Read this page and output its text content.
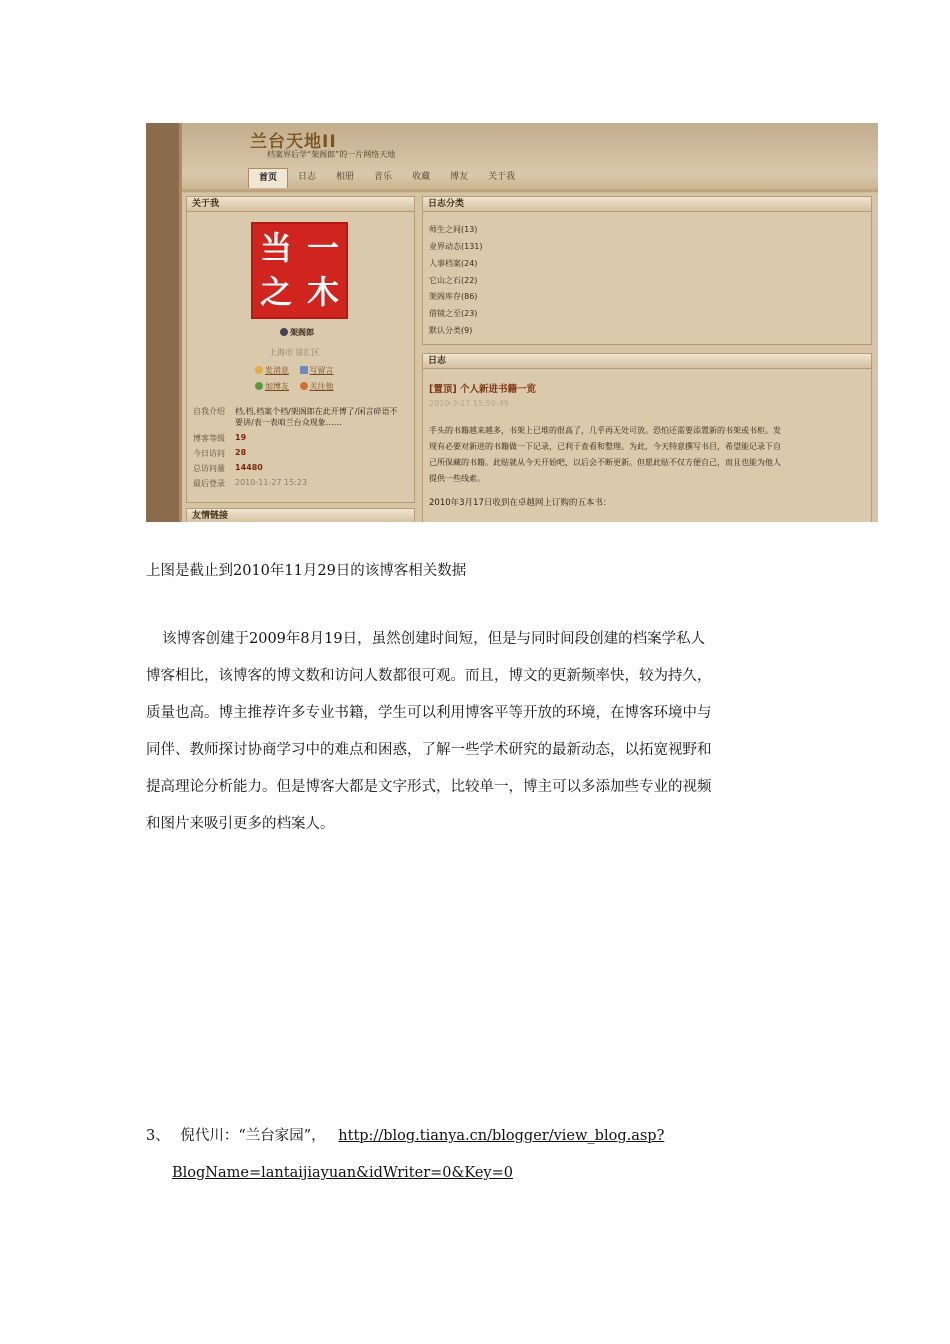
兰台天地II
档案界后学“架阁郎”的一片网络天地
首页	日志	相册	音乐	收藏	博友	关于我
关于我
当 一
之 木
架阁郎
上海市 徐汇区
发消息	写留言
加博友	关注他
自我介绍 档,档,档案个档/架阁郎在此开博了/闲言碎语不
要讲/表一表咱兰台众现象……
博客等级	19
今日访问	28
总访问量	14480
最后登录	2010-11-27 15:23
友情链接
日志分类
师生之间(13)
业界动态(131)
人事档案(24)
它山之石(22)
架阁库存(86)
借镜之至(23)
默认分类(9)
日志
[置顶] 个人新进书籍一览
2010-3-17 15:59:49
手头的书籍越来越多，书架上已堆的很高了，几乎再无处可放。恐怕还需要添置新的书架或书柜。发
现有必要对新进的书籍做一下记录，已利于查看和整理。为此，今天特意撰写书目，希望能记录下自
己所保藏的书籍。此贴就从今天开始吧，以后会不断更新。但愿此贴不仅方便自己，而且也能为他人
提供一些线索。
2010年3月17日收到在卓越网上订购的五本书：
上图是截止到2010年11月29日的该博客相关数据
该博客创建于2009年8月19日，虽然创建时间短，但是与同时间段创建的档案学私人
博客相比，该博客的博文数和访问人数都很可观。而且，博文的更新频率快，较为持久，
质量也高。博主推荐许多专业书籍，学生可以利用博客平等开放的环境，在博客环境中与
同伴、教师探讨协商学习中的难点和困惑，了解一些学术研究的最新动态，以拓宽视野和
提高理论分析能力。但是博客大都是文字形式，比较单一，博主可以多添加些专业的视频
和图片来吸引更多的档案人。
3、 倪代川：“兰台家园”， http://blog.tianya.cn/blogger/view_blog.asp?
BlogName=lantaijiayuan&idWriter=0&Key=0
